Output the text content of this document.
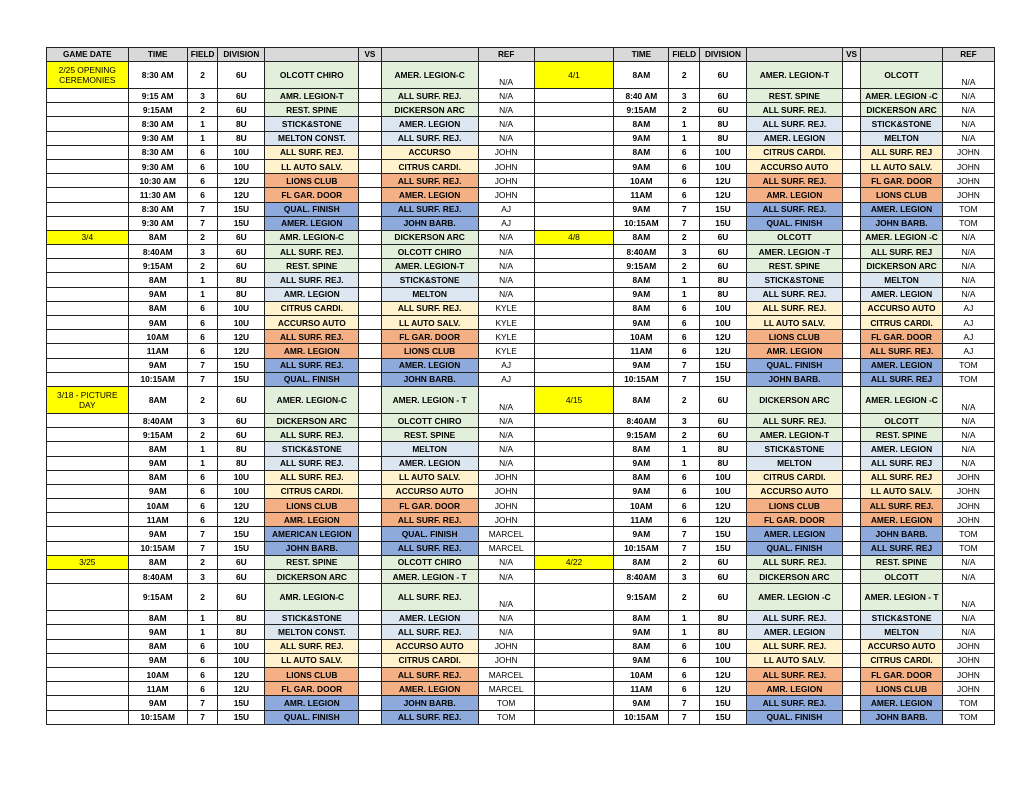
GAME DATE	TIME	FIELD	DIVISION		VS		REF		TIME	FIELD	DIVISION		VS		REF
2/25 OPENING CEREMONIES	8:30 AM	2	6U	OLCOTT CHIRO		AMER. LEGION-C	N/A	4/1	8AM	2	6U	AMER. LEGION-T		OLCOTT	N/A
	9:15 AM	3	6U	AMR. LEGION-T		ALL SURF. REJ.	N/A		8:40 AM	3	6U	REST. SPINE		AMER. LEGION -C	N/A
	9:15AM	2	6U	REST. SPINE		DICKERSON ARC	N/A		9:15AM	2	6U	ALL SURF. REJ.		DICKERSON ARC	N/A
	8:30 AM	1	8U	STICK&STONE		AMER. LEGION	N/A		8AM	1	8U	ALL SURF. REJ.		STICK&STONE	N/A
	9:30 AM	1	8U	MELTON CONST.		ALL SURF. REJ.	N/A		9AM	1	8U	AMER. LEGION		MELTON	N/A
	8:30 AM	6	10U	ALL SURF. REJ.		ACCURSO	JOHN		8AM	6	10U	CITRUS CARDI.		ALL SURF. REJ	JOHN
	9:30 AM	6	10U	LL AUTO SALV.		CITRUS CARDI.	JOHN		9AM	6	10U	ACCURSO AUTO		LL AUTO SALV.	JOHN
	10:30 AM	6	12U	LIONS CLUB		ALL SURF. REJ.	JOHN		10AM	6	12U	ALL SURF. REJ.		FL GAR. DOOR	JOHN
	11:30 AM	6	12U	FL GAR. DOOR		AMER. LEGION	JOHN		11AM	6	12U	AMR. LEGION		LIONS CLUB	JOHN
	8:30 AM	7	15U	QUAL. FINISH		ALL SURF. REJ.	AJ		9AM	7	15U	ALL SURF. REJ.		AMER. LEGION	TOM
	9:30 AM	7	15U	AMER. LEGION		JOHN BARB.	AJ		10:15AM	7	15U	QUAL. FINISH		JOHN BARB.	TOM
3/4	8AM	2	6U	AMR. LEGION-C		DICKERSON ARC	N/A	4/8	8AM	2	6U	OLCOTT		AMER. LEGION -C	N/A
	8:40AM	3	6U	ALL SURF. REJ.		OLCOTT CHIRO	N/A		8:40AM	3	6U	AMER. LEGION -T		ALL SURF. REJ	N/A
	9:15AM	2	6U	REST. SPINE		AMER. LEGION-T	N/A		9:15AM	2	6U	REST. SPINE		DICKERSON ARC	N/A
	8AM	1	8U	ALL SURF. REJ.		STICK&STONE	N/A		8AM	1	8U	STICK&STONE		MELTON	N/A
	9AM	1	8U	AMR. LEGION		MELTON	N/A		9AM	1	8U	ALL SURF. REJ.		AMER. LEGION	N/A
	8AM	6	10U	CITRUS CARDI.		ALL SURF. REJ.	KYLE		8AM	6	10U	ALL SURF. REJ.		ACCURSO AUTO	AJ
	9AM	6	10U	ACCURSO AUTO		LL AUTO SALV.	KYLE		9AM	6	10U	LL AUTO SALV.		CITRUS CARDI.	AJ
	10AM	6	12U	ALL SURF. REJ.		FL GAR. DOOR	KYLE		10AM	6	12U	LIONS CLUB		FL GAR. DOOR	AJ
	11AM	6	12U	AMR. LEGION		LIONS CLUB	KYLE		11AM	6	12U	AMR. LEGION		ALL SURF. REJ.	AJ
	9AM	7	15U	ALL SURF. REJ.		AMER. LEGION	AJ		9AM	7	15U	QUAL. FINISH		AMER. LEGION	TOM
	10:15AM	7	15U	QUAL. FINISH		JOHN BARB.	AJ		10:15AM	7	15U	JOHN BARB.		ALL SURF. REJ	TOM
3/18 - PICTURE DAY	8AM	2	6U	AMER. LEGION-C		AMER. LEGION - T	N/A	4/15	8AM	2	6U	DICKERSON ARC		AMER. LEGION -C	N/A
	8:40AM	3	6U	DICKERSON ARC		OLCOTT CHIRO	N/A		8:40AM	3	6U	ALL SURF. REJ.		OLCOTT	N/A
	9:15AM	2	6U	ALL SURF. REJ.		REST. SPINE	N/A		9:15AM	2	6U	AMER. LEGION-T		REST. SPINE	N/A
	8AM	1	8U	STICK&STONE		MELTON	N/A		8AM	1	8U	STICK&STONE		AMER. LEGION	N/A
	9AM	1	8U	ALL SURF. REJ.		AMER. LEGION	N/A		9AM	1	8U	MELTON		ALL SURF. REJ	N/A
	8AM	6	10U	ALL SURF. REJ.		LL AUTO SALV.	JOHN		8AM	6	10U	CITRUS CARDI.		ALL SURF. REJ	JOHN
	9AM	6	10U	CITRUS CARDI.		ACCURSO AUTO	JOHN		9AM	6	10U	ACCURSO AUTO		LL AUTO SALV.	JOHN
	10AM	6	12U	LIONS CLUB		FL GAR. DOOR	JOHN		10AM	6	12U	LIONS CLUB		ALL SURF. REJ.	JOHN
	11AM	6	12U	AMR. LEGION		ALL SURF. REJ.	JOHN		11AM	6	12U	FL GAR. DOOR		AMER. LEGION	JOHN
	9AM	7	15U	AMERICAN LEGION		QUAL. FINISH	MARCEL		9AM	7	15U	AMER. LEGION		JOHN BARB.	TOM
	10:15AM	7	15U	JOHN BARB.		ALL SURF. REJ.	MARCEL		10:15AM	7	15U	QUAL. FINISH		ALL SURF. REJ	TOM
3/25	8AM	2	6U	REST. SPINE		OLCOTT CHIRO	N/A	4/22	8AM	2	6U	ALL SURF. REJ.		REST. SPINE	N/A
	8:40AM	3	6U	DICKERSON ARC		AMER. LEGION - T	N/A		8:40AM	3	6U	DICKERSON ARC		OLCOTT	N/A
	9:15AM	2	6U	AMR. LEGION-C		ALL SURF. REJ.	N/A		9:15AM	2	6U	AMER. LEGION -C		AMER. LEGION - T	N/A
	8AM	1	8U	STICK&STONE		AMER. LEGION	N/A		8AM	1	8U	ALL SURF. REJ.		STICK&STONE	N/A
	9AM	1	8U	MELTON CONST.		ALL SURF. REJ.	N/A		9AM	1	8U	AMER. LEGION		MELTON	N/A
	8AM	6	10U	ALL SURF. REJ.		ACCURSO AUTO	JOHN		8AM	6	10U	ALL SURF. REJ.		ACCURSO AUTO	JOHN
	9AM	6	10U	LL AUTO SALV.		CITRUS CARDI.	JOHN		9AM	6	10U	LL AUTO SALV.		CITRUS CARDI.	JOHN
	10AM	6	12U	LIONS CLUB		ALL SURF. REJ.	MARCEL		10AM	6	12U	ALL SURF. REJ.		FL GAR. DOOR	JOHN
	11AM	6	12U	FL GAR. DOOR		AMER. LEGION	MARCEL		11AM	6	12U	AMR. LEGION		LIONS CLUB	JOHN
	9AM	7	15U	AMR. LEGION		JOHN BARB.	TOM		9AM	7	15U	ALL SURF. REJ.		AMER. LEGION	TOM
	10:15AM	7	15U	QUAL. FINISH		ALL SURF. REJ.	TOM		10:15AM	7	15U	QUAL. FINISH		JOHN BARB.	TOM
